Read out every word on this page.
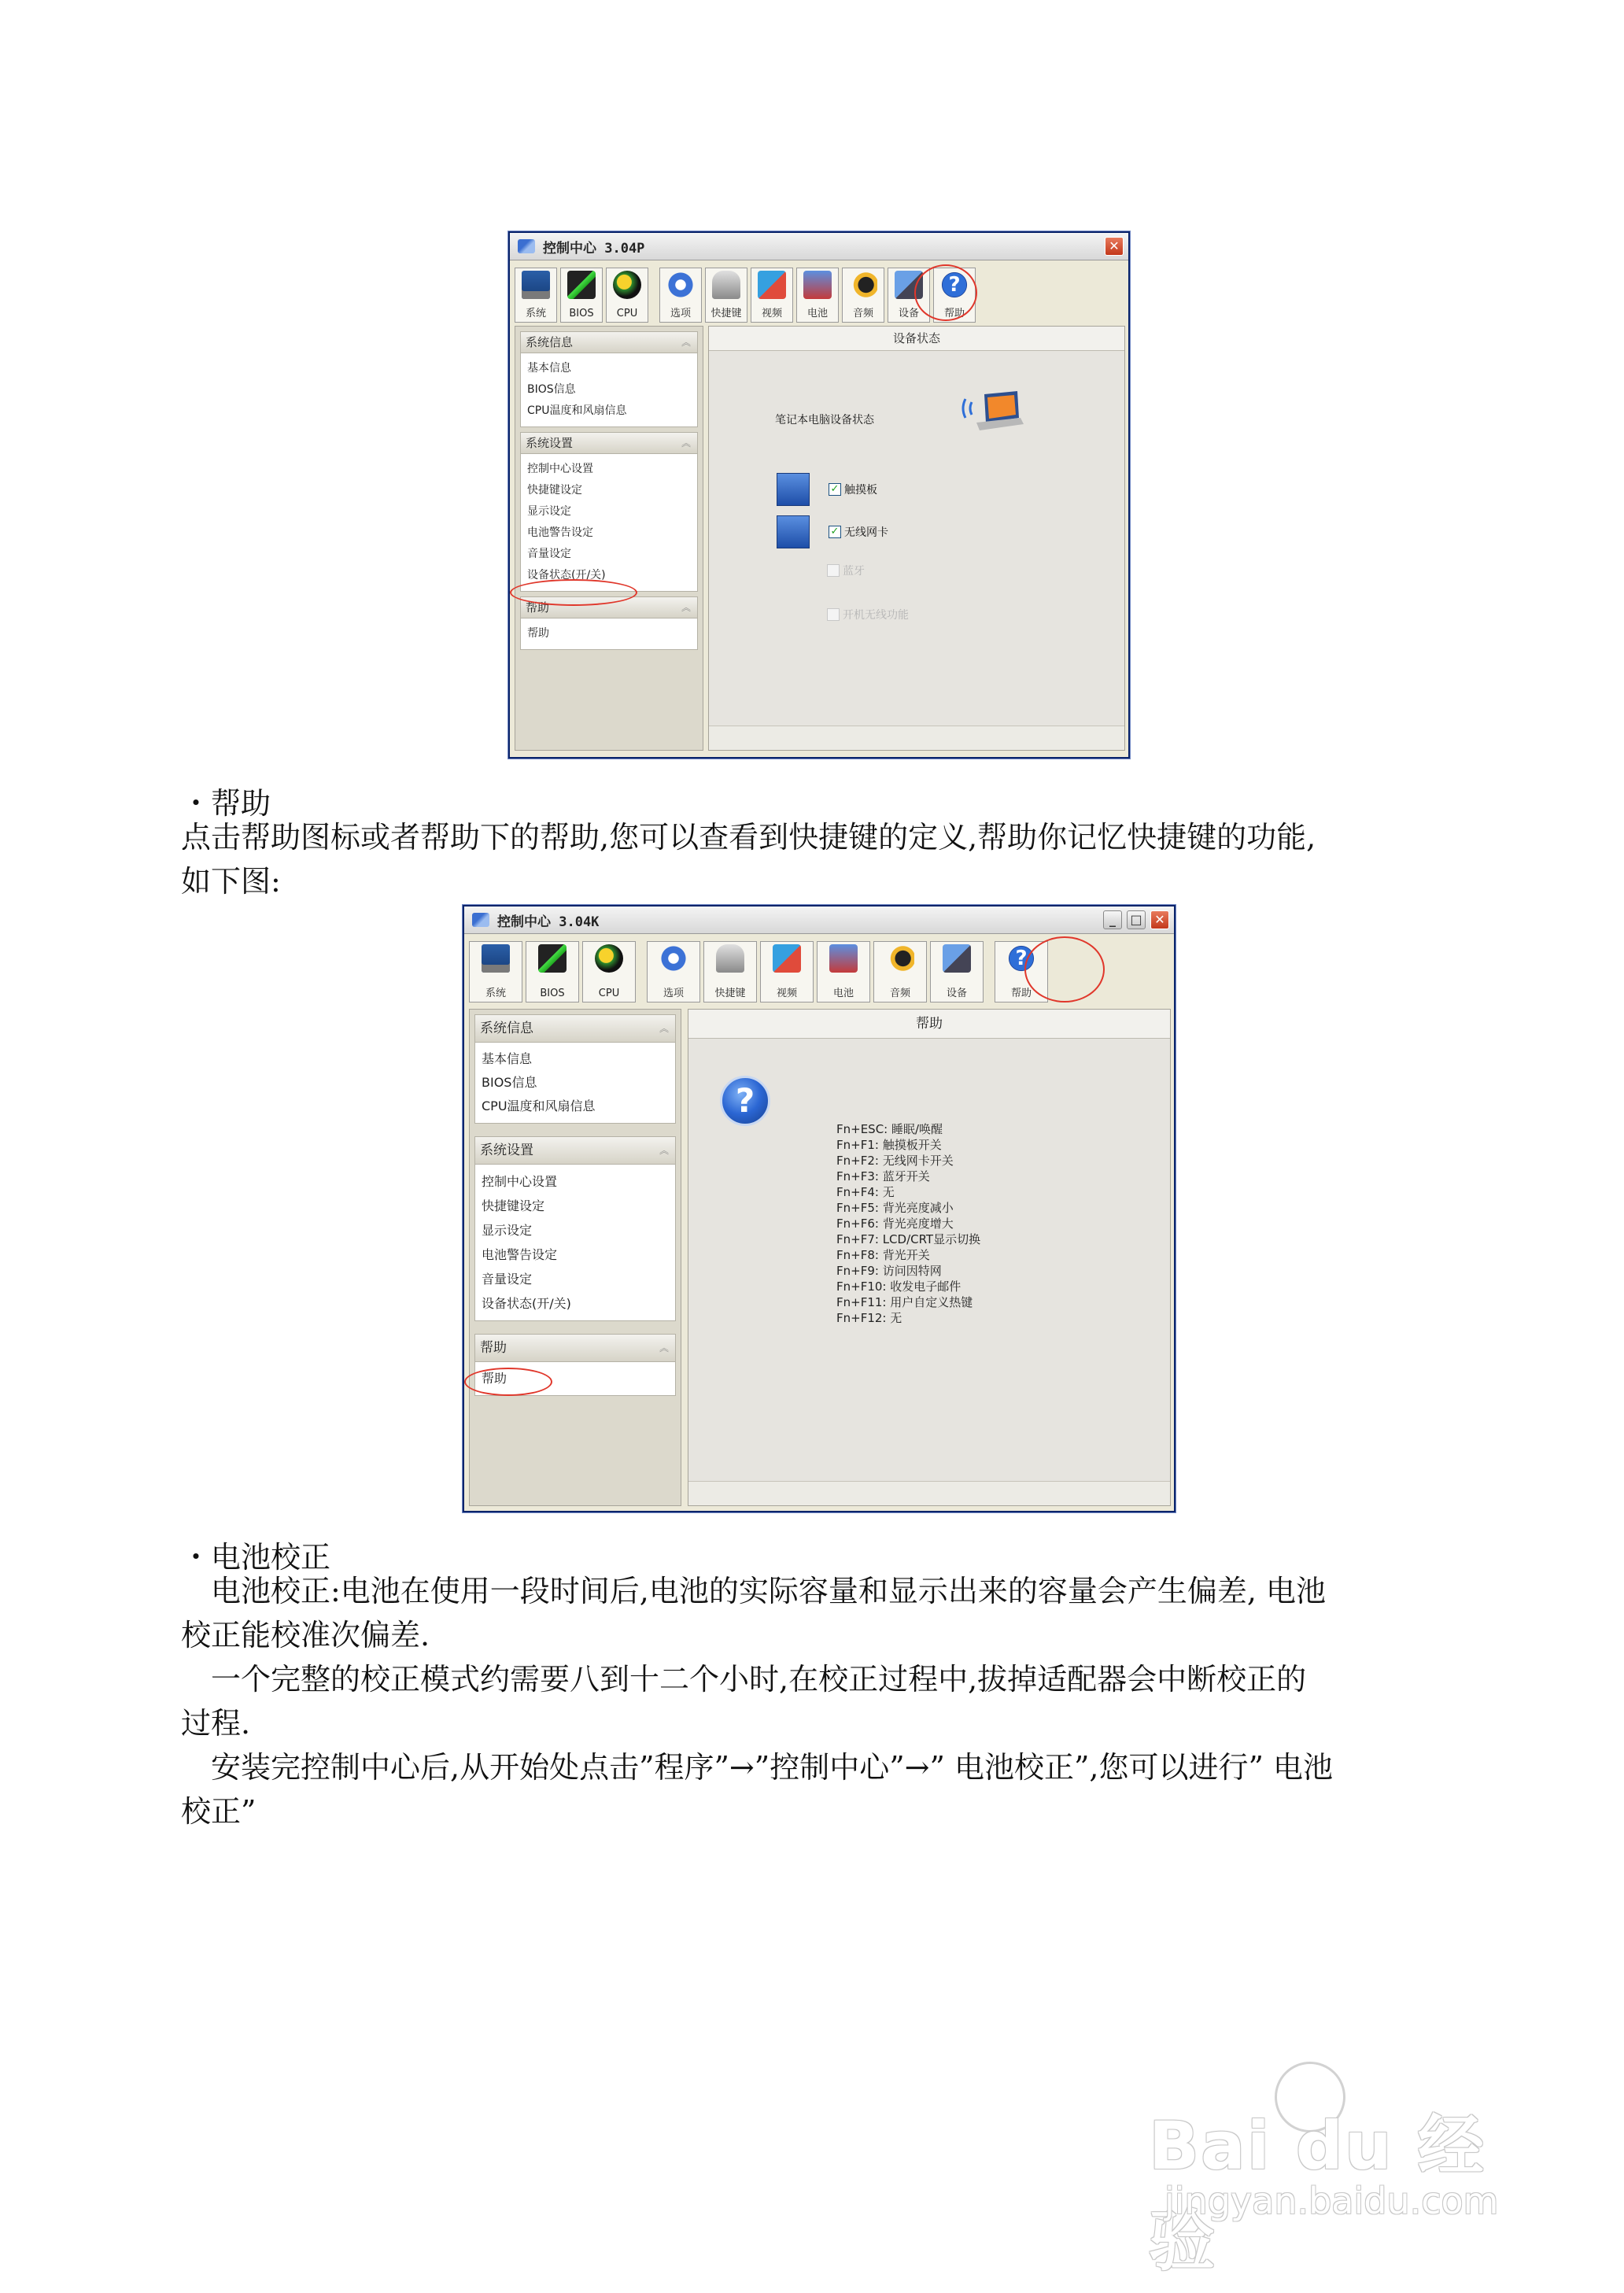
控制中心 3.04P	✕
系统 BIOS CPU	选项 快捷键 视频 电池 音频 设备
?
帮助
系统信息	︽
基本信息
BIOS信息
CPU温度和风扇信息
系统设置	︽
控制中心设置
快捷键设定
显示设定
电池警告设定
音量设定
设备状态(开/关)
帮助	︽
帮助
设备状态
笔记本电脑设备状态
✓ 触摸板
✓ 无线网卡
蓝牙
开机无线功能
・帮助
点击帮助图标或者帮助下的帮助,您可以查看到快捷键的定义,帮助你记忆快捷键的功能,
如下图:
控制中心 3.04K	_	□ ✕
系统	BIOS	CPU	选项	快捷键	视频	电池	音频	设备
?
帮助
系统信息	︽
基本信息
BIOS信息
CPU温度和风扇信息
系统设置	︽
控制中心设置
快捷键设定
显示设定
电池警告设定
音量设定
设备状态(开/关)
帮助	︽
帮助
帮助
?
Fn+ESC: 睡眠/唤醒
Fn+F1: 触摸板开关
Fn+F2: 无线网卡开关
Fn+F3: 蓝牙开关
Fn+F4: 无
Fn+F5: 背光亮度减小
Fn+F6: 背光亮度增大
Fn+F7: LCD/CRT显示切换
Fn+F8: 背光开关
Fn+F9: 访问因特网
Fn+F10: 收发电子邮件
Fn+F11: 用户自定义热键
Fn+F12: 无
・电池校正
　电池校正:电池在使用一段时间后,电池的实际容量和显示出来的容量会产生偏差, 电池
校正能校准次偏差.
　一个完整的校正模式约需要八到十二个小时,在校正过程中,拔掉适配器会中断校正的
过程.
　安装完控制中心后,从开始处点击”程序”→”控制中心”→” 电池校正”,您可以进行” 电池
校正”
Bai du 经验
jingyan.baidu.com
